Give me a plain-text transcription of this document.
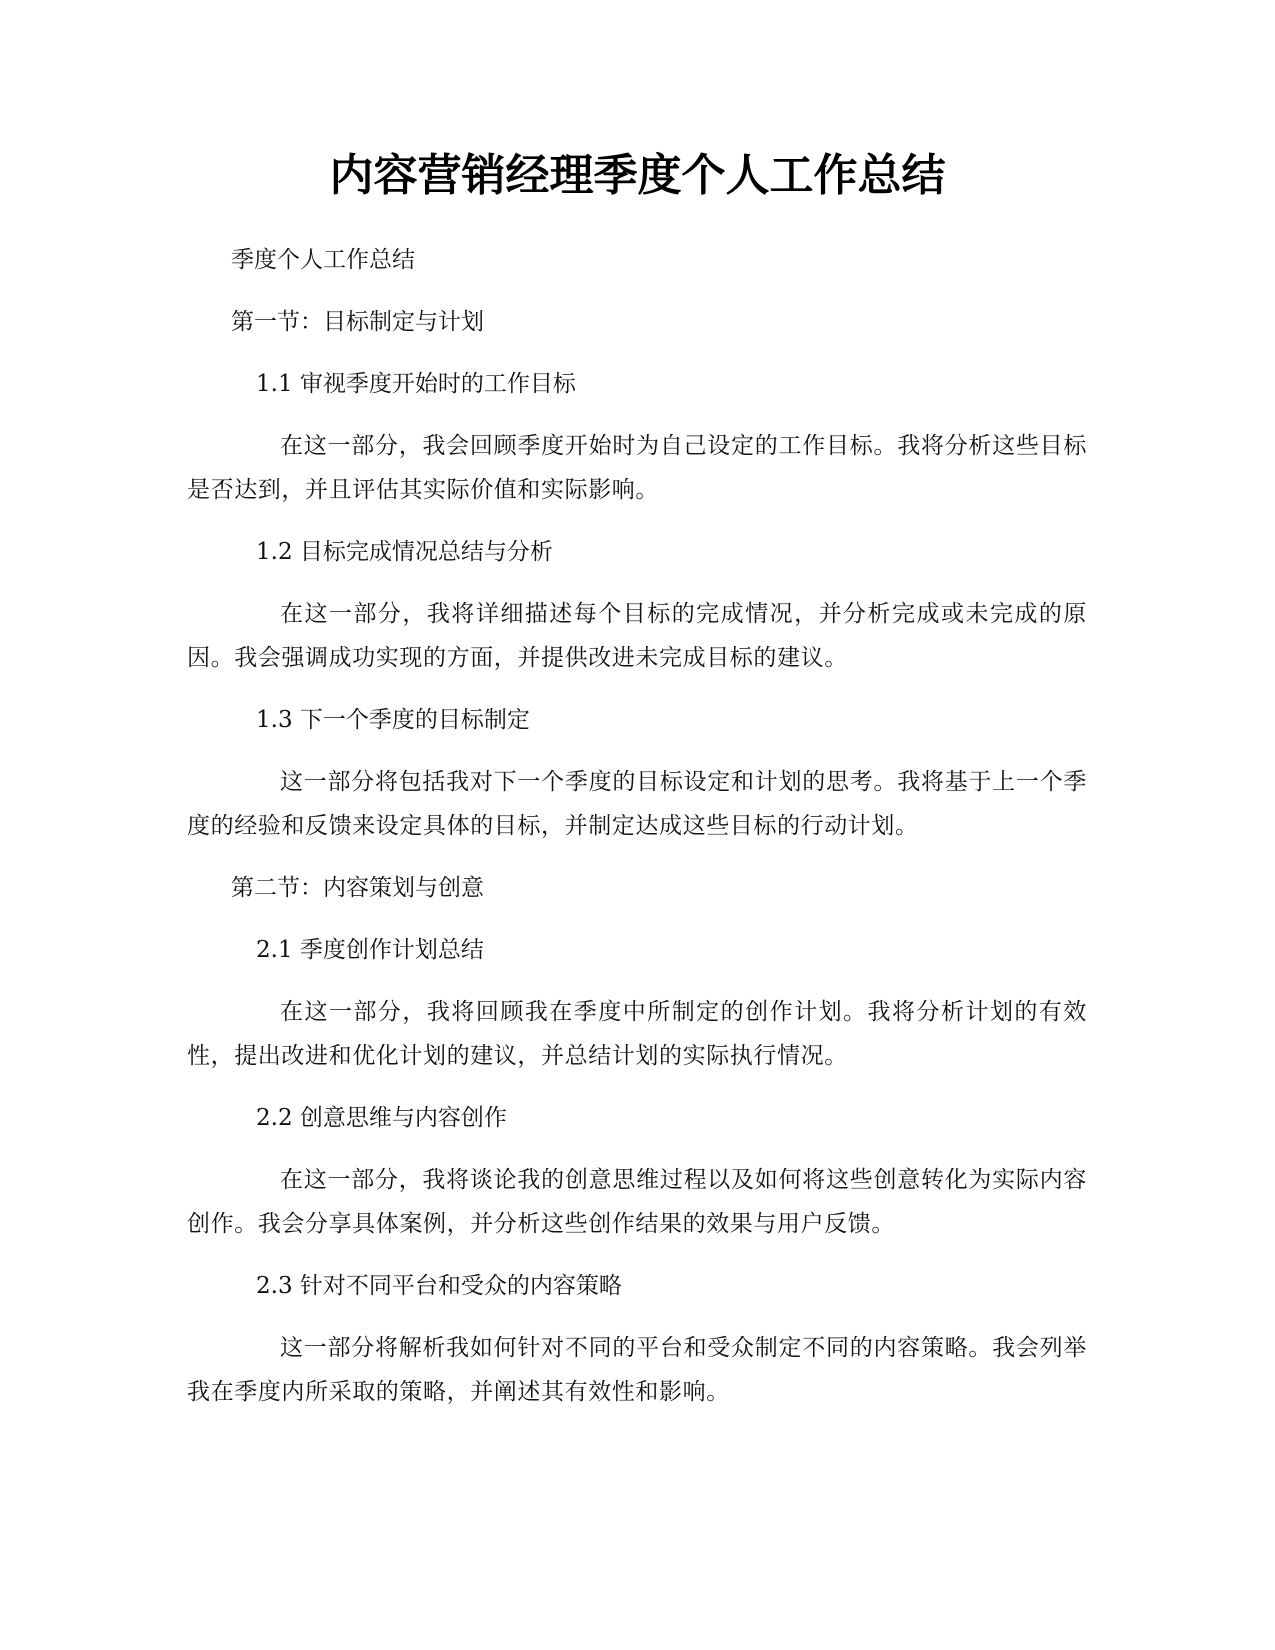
内容营销经理季度个人工作总结

季度个人工作总结

第一节：目标制定与计划

1.1 审视季度开始时的工作目标

在这一部分，我会回顾季度开始时为自己设定的工作目标。我将分析这些目标是否达到，并且评估其实际价值和实际影响。

1.2 目标完成情况总结与分析

在这一部分，我将详细描述每个目标的完成情况，并分析完成或未完成的原因。我会强调成功实现的方面，并提供改进未完成目标的建议。

1.3 下一个季度的目标制定

这一部分将包括我对下一个季度的目标设定和计划的思考。我将基于上一个季度的经验和反馈来设定具体的目标，并制定达成这些目标的行动计划。

第二节：内容策划与创意

2.1 季度创作计划总结

在这一部分，我将回顾我在季度中所制定的创作计划。我将分析计划的有效性，提出改进和优化计划的建议，并总结计划的实际执行情况。

2.2 创意思维与内容创作

在这一部分，我将谈论我的创意思维过程以及如何将这些创意转化为实际内容创作。我会分享具体案例，并分析这些创作结果的效果与用户反馈。

2.3 针对不同平台和受众的内容策略

这一部分将解析我如何针对不同的平台和受众制定不同的内容策略。我会列举我在季度内所采取的策略，并阐述其有效性和影响。
